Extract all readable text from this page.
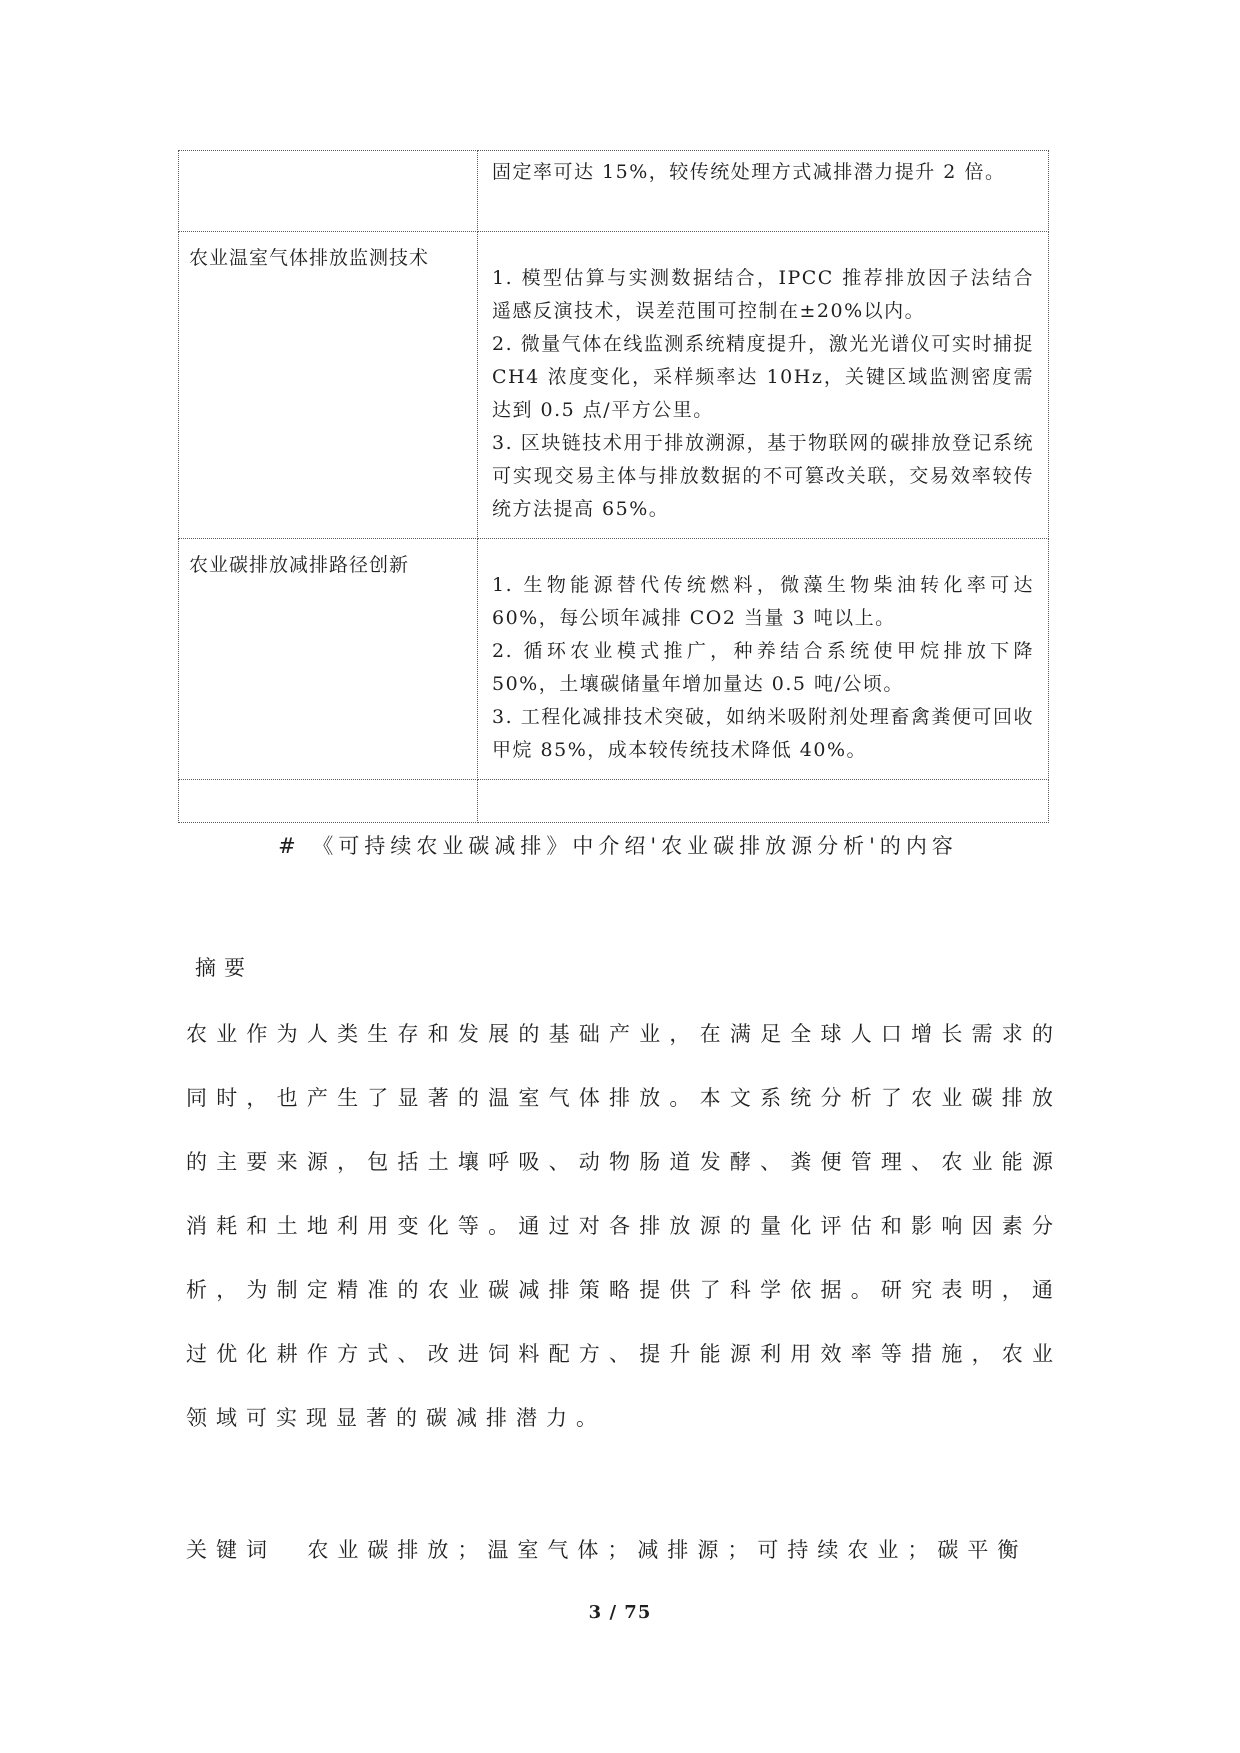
	固定率可达 15%，较传统处理方式减排潜力提升 2 倍。

农业温室气体排放监测技术	1. 模型估算与实测数据结合，IPCC 推荐排放因子法结合遥感反演技术，误差范围可控制在±20%以内。

2. 微量气体在线监测系统精度提升，激光光谱仪可实时捕捉 CH4 浓度变化，采样频率达 10Hz，关键区域监测密度需达到 0.5 点/平方公里。

3. 区块链技术用于排放溯源，基于物联网的碳排放登记系统可实现交易主体与排放数据的不可篡改关联，交易效率较传统方法提高 65%。

农业碳排放减排路径创新	1. 生物能源替代传统燃料，微藻生物柴油转化率可达 60%，每公顷年减排 CO2 当量 3 吨以上。

2. 循环农业模式推广，种养结合系统使甲烷排放下降 50%，土壤碳储量年增加量达 0.5 吨/公顷。

3. 工程化减排技术突破，如纳米吸附剂处理畜禽粪便可回收甲烷 85%，成本较传统技术降低 40%。

# 《可持续农业碳减排》中介绍'农业碳排放源分析'的内容
摘要
农业作为人类生存和发展的基础产业，在满足全球人口增长需求的同时，也产生了显著的温室气体排放。本文系统分析了农业碳排放的主要来源，包括土壤呼吸、动物肠道发酵、粪便管理、农业能源消耗和土地利用变化等。通过对各排放源的量化评估和影响因素分析，为制定精准的农业碳减排策略提供了科学依据。研究表明，通过优化耕作方式、改进饲料配方、提升能源利用效率等措施，农业领域可实现显著的碳减排潜力。
关键词  农业碳排放；温室气体；减排源；可持续农业；碳平衡
3 / 75
